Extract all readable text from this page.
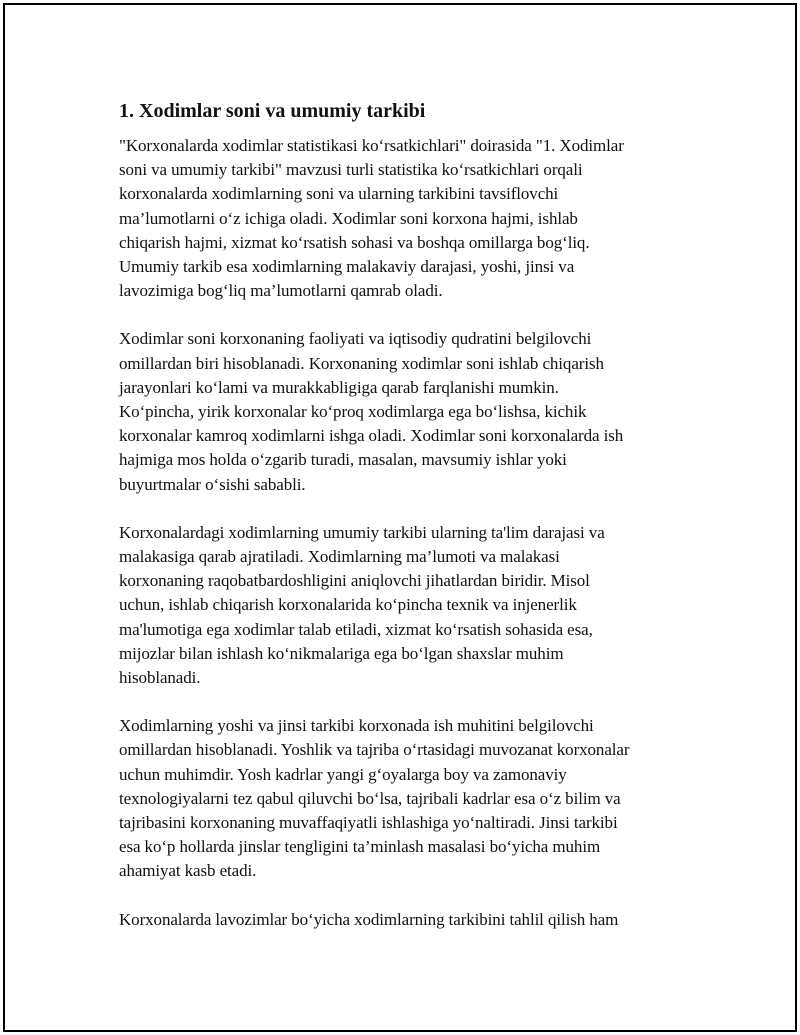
1. Xodimlar soni va umumiy tarkibi

"Korxonalarda xodimlar statistikasi ko‘rsatkichlari" doirasida "1. Xodimlar
soni va umumiy tarkibi" mavzusi turli statistika ko‘rsatkichlari orqali
korxonalarda xodimlarning soni va ularning tarkibini tavsiflovchi
ma’lumotlarni o‘z ichiga oladi. Xodimlar soni korxona hajmi, ishlab
chiqarish hajmi, xizmat ko‘rsatish sohasi va boshqa omillarga bog‘liq.
Umumiy tarkib esa xodimlarning malakaviy darajasi, yoshi, jinsi va
lavozimiga bog‘liq ma’lumotlarni qamrab oladi.

Xodimlar soni korxonaning faoliyati va iqtisodiy qudratini belgilovchi
omillardan biri hisoblanadi. Korxonaning xodimlar soni ishlab chiqarish
jarayonlari ko‘lami va murakkabligiga qarab farqlanishi mumkin.
Ko‘pincha, yirik korxonalar ko‘proq xodimlarga ega bo‘lishsa, kichik
korxonalar kamroq xodimlarni ishga oladi. Xodimlar soni korxonalarda ish
hajmiga mos holda o‘zgarib turadi, masalan, mavsumiy ishlar yoki
buyurtmalar o‘sishi sababli.

Korxonalardagi xodimlarning umumiy tarkibi ularning ta'lim darajasi va
malakasiga qarab ajratiladi. Xodimlarning ma’lumoti va malakasi
korxonaning raqobatbardoshligini aniqlovchi jihatlardan biridir. Misol
uchun, ishlab chiqarish korxonalarida ko‘pincha texnik va injenerlik
ma'lumotiga ega xodimlar talab etiladi, xizmat ko‘rsatish sohasida esa,
mijozlar bilan ishlash ko‘nikmalariga ega bo‘lgan shaxslar muhim
hisoblanadi.

Xodimlarning yoshi va jinsi tarkibi korxonada ish muhitini belgilovchi
omillardan hisoblanadi. Yoshlik va tajriba o‘rtasidagi muvozanat korxonalar
uchun muhimdir. Yosh kadrlar yangi g‘oyalarga boy va zamonaviy
texnologiyalarni tez qabul qiluvchi bo‘lsa, tajribali kadrlar esa o‘z bilim va
tajribasini korxonaning muvaffaqiyatli ishlashiga yo‘naltiradi. Jinsi tarkibi
esa ko‘p hollarda jinslar tengligini ta’minlash masalasi bo‘yicha muhim
ahamiyat kasb etadi.

Korxonalarda lavozimlar bo‘yicha xodimlarning tarkibini tahlil qilish ham
